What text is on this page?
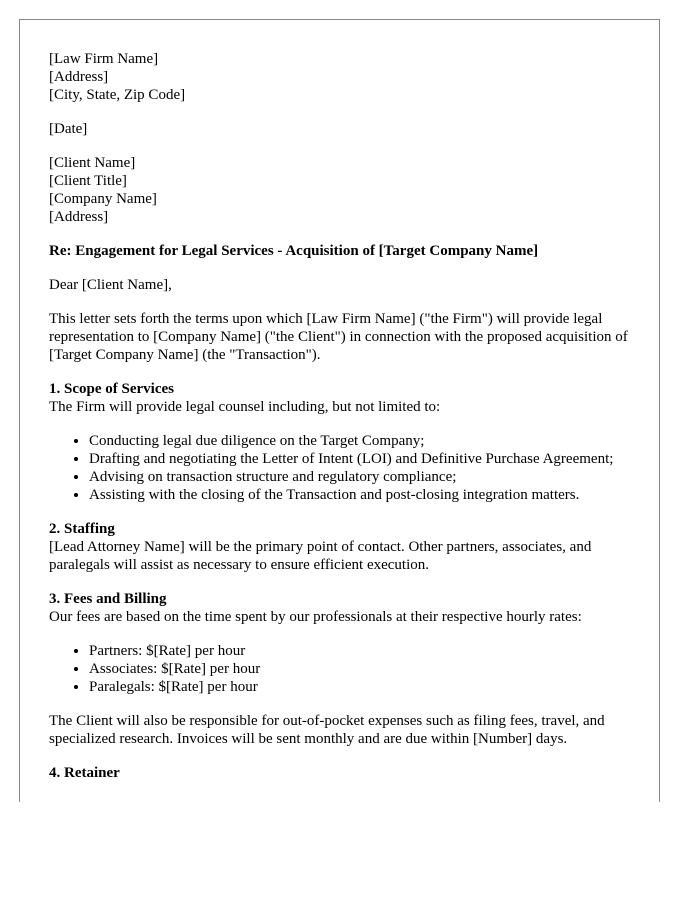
[Law Firm Name]
[Address]
[City, State, Zip Code]
[Date]
[Client Name]
[Client Title]
[Company Name]
[Address]
Re: Engagement for Legal Services - Acquisition of [Target Company Name]
Dear [Client Name],
This letter sets forth the terms upon which [Law Firm Name] ("the Firm") will provide legal representation to [Company Name] ("the Client") in connection with the proposed acquisition of [Target Company Name] (the "Transaction").
1. Scope of Services
The Firm will provide legal counsel including, but not limited to:
• Conducting legal due diligence on the Target Company;
• Drafting and negotiating the Letter of Intent (LOI) and Definitive Purchase Agreement;
• Advising on transaction structure and regulatory compliance;
• Assisting with the closing of the Transaction and post-closing integration matters.
2. Staffing
[Lead Attorney Name] will be the primary point of contact. Other partners, associates, and paralegals will assist as necessary to ensure efficient execution.
3. Fees and Billing
Our fees are based on the time spent by our professionals at their respective hourly rates:
• Partners: $[Rate] per hour
• Associates: $[Rate] per hour
• Paralegals: $[Rate] per hour
The Client will also be responsible for out-of-pocket expenses such as filing fees, travel, and specialized research. Invoices will be sent monthly and are due within [Number] days.
4. Retainer
